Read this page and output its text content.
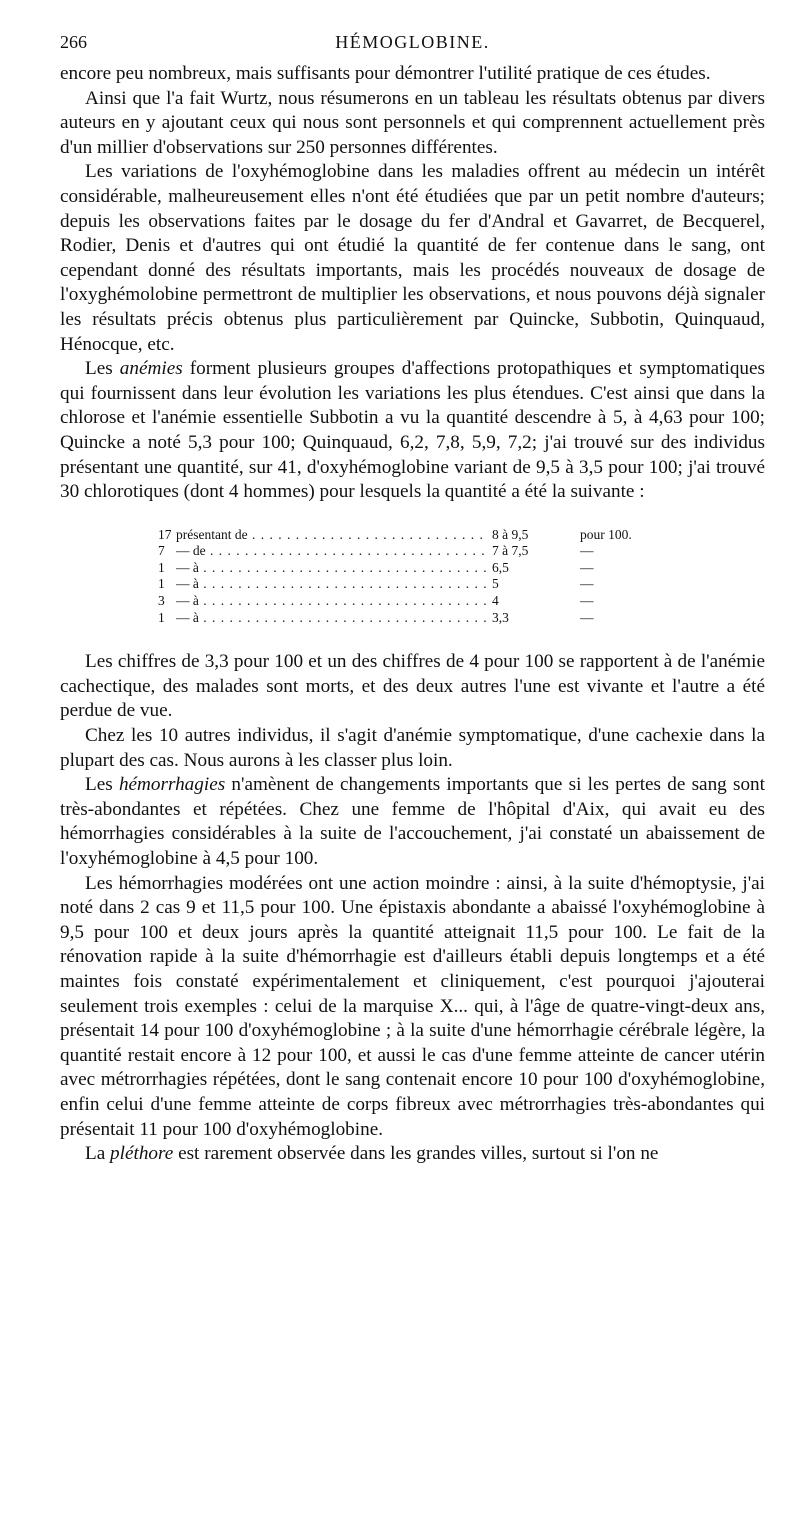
266	HÉMOGLOBINE.

encore peu nombreux, mais suffisants pour démontrer l'utilité pratique de ces études.

Ainsi que l'a fait Wurtz, nous résumerons en un tableau les résultats obtenus par divers auteurs en y ajoutant ceux qui nous sont personnels et qui comprennent actuellement près d'un millier d'observations sur 250 personnes différentes.

Les variations de l'oxyhémoglobine dans les maladies offrent au médecin un intérêt considérable, malheureusement elles n'ont été étudiées que par un petit nombre d'auteurs; depuis les observations faites par le dosage du fer d'Andral et Gavarret, de Becquerel, Rodier, Denis et d'autres qui ont étudié la quantité de fer contenue dans le sang, ont cependant donné des résultats importants, mais les procédés nouveaux de dosage de l'oxyghémolobine permettront de multiplier les observations, et nous pouvons déjà signaler les résultats précis obtenus plus particulièrement par Quincke, Subbotin, Quinquaud, Hénocque, etc.

Les anémies forment plusieurs groupes d'affections protopathiques et symptomatiques qui fournissent dans leur évolution les variations les plus étendues. C'est ainsi que dans la chlorose et l'anémie essentielle Subbotin a vu la quantité descendre à 5, à 4,63 pour 100; Quincke a noté 5,3 pour 100; Quinquaud, 6,2, 7,8, 5,9, 7,2; j'ai trouvé sur des individus présentant une quantité, sur 41, d'oxyhémoglobine variant de 9,5 à 3,5 pour 100; j'ai trouvé 30 chlorotiques (dont 4 hommes) pour lesquels la quantité a été la suivante :

17 présentant de . . .	8 à 9,5	pour 100.
7 — de . . .	7 à 7,5	—
1 — à . . .	6,5	—
1 — à . . .	5	—
3 — à . . .	4	—
1 — à . . .	3,3	—

Les chiffres de 3,3 pour 100 et un des chiffres de 4 pour 100 se rapportent à de l'anémie cachectique, des malades sont morts, et des deux autres l'une est vivante et l'autre a été perdue de vue.

Chez les 10 autres individus, il s'agit d'anémie symptomatique, d'une cachexie dans la plupart des cas. Nous aurons à les classer plus loin.

Les hémorrhagies n'amènent de changements importants que si les pertes de sang sont très-abondantes et répétées. Chez une femme de l'hôpital d'Aix, qui avait eu des hémorrhagies considérables à la suite de l'accouchement, j'ai constaté un abaissement de l'oxyhémoglobine à 4,5 pour 100.

Les hémorrhagies modérées ont une action moindre : ainsi, à la suite d'hémoptysie, j'ai noté dans 2 cas 9 et 11,5 pour 100. Une épistaxis abondante a abaissé l'oxyhémoglobine à 9,5 pour 100 et deux jours après la quantité atteignait 11,5 pour 100. Le fait de la rénovation rapide à la suite d'hémorrhagie est d'ailleurs établi depuis longtemps et a été maintes fois constaté expérimentalement et cliniquement, c'est pourquoi j'ajouterai seulement trois exemples : celui de la marquise X... qui, à l'âge de quatre-vingt-deux ans, présentait 14 pour 100 d'oxyhémoglobine ; à la suite d'une hémorrhagie cérébrale légère, la quantité restait encore à 12 pour 100, et aussi le cas d'une femme atteinte de cancer utérin avec métrorrhagies répétées, dont le sang contenait encore 10 pour 100 d'oxyhémoglobine, enfin celui d'une femme atteinte de corps fibreux avec métrorrhagies très-abondantes qui présentait 11 pour 100 d'oxyhémoglobine.

La pléthore est rarement observée dans les grandes villes, surtout si l'on ne
